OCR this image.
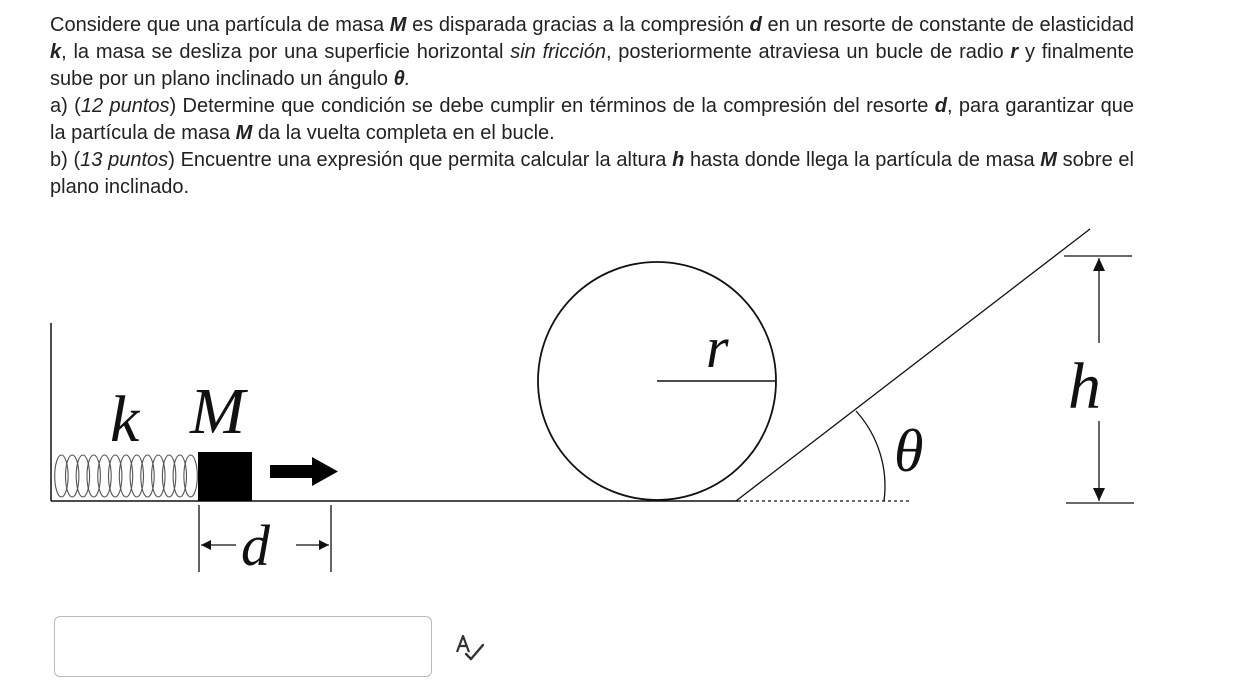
Considere que una partícula de masa M es disparada gracias a la compresión d en un resorte de constante de elasticidad k, la masa se desliza por una superficie horizontal sin fricción, posteriormente atraviesa un bucle de radio r y finalmente sube por un plano inclinado un ángulo θ.

a) (12 puntos) Determine que condición se debe cumplir en términos de la compresión del resorte d, para garantizar que la partícula de masa M da la vuelta completa en el bucle.

b) (13 puntos) Encuentre una expresión que permita calcular la altura h hasta donde llega la partícula de masa M sobre el plano inclinado.

k M
d
r
θ
h
